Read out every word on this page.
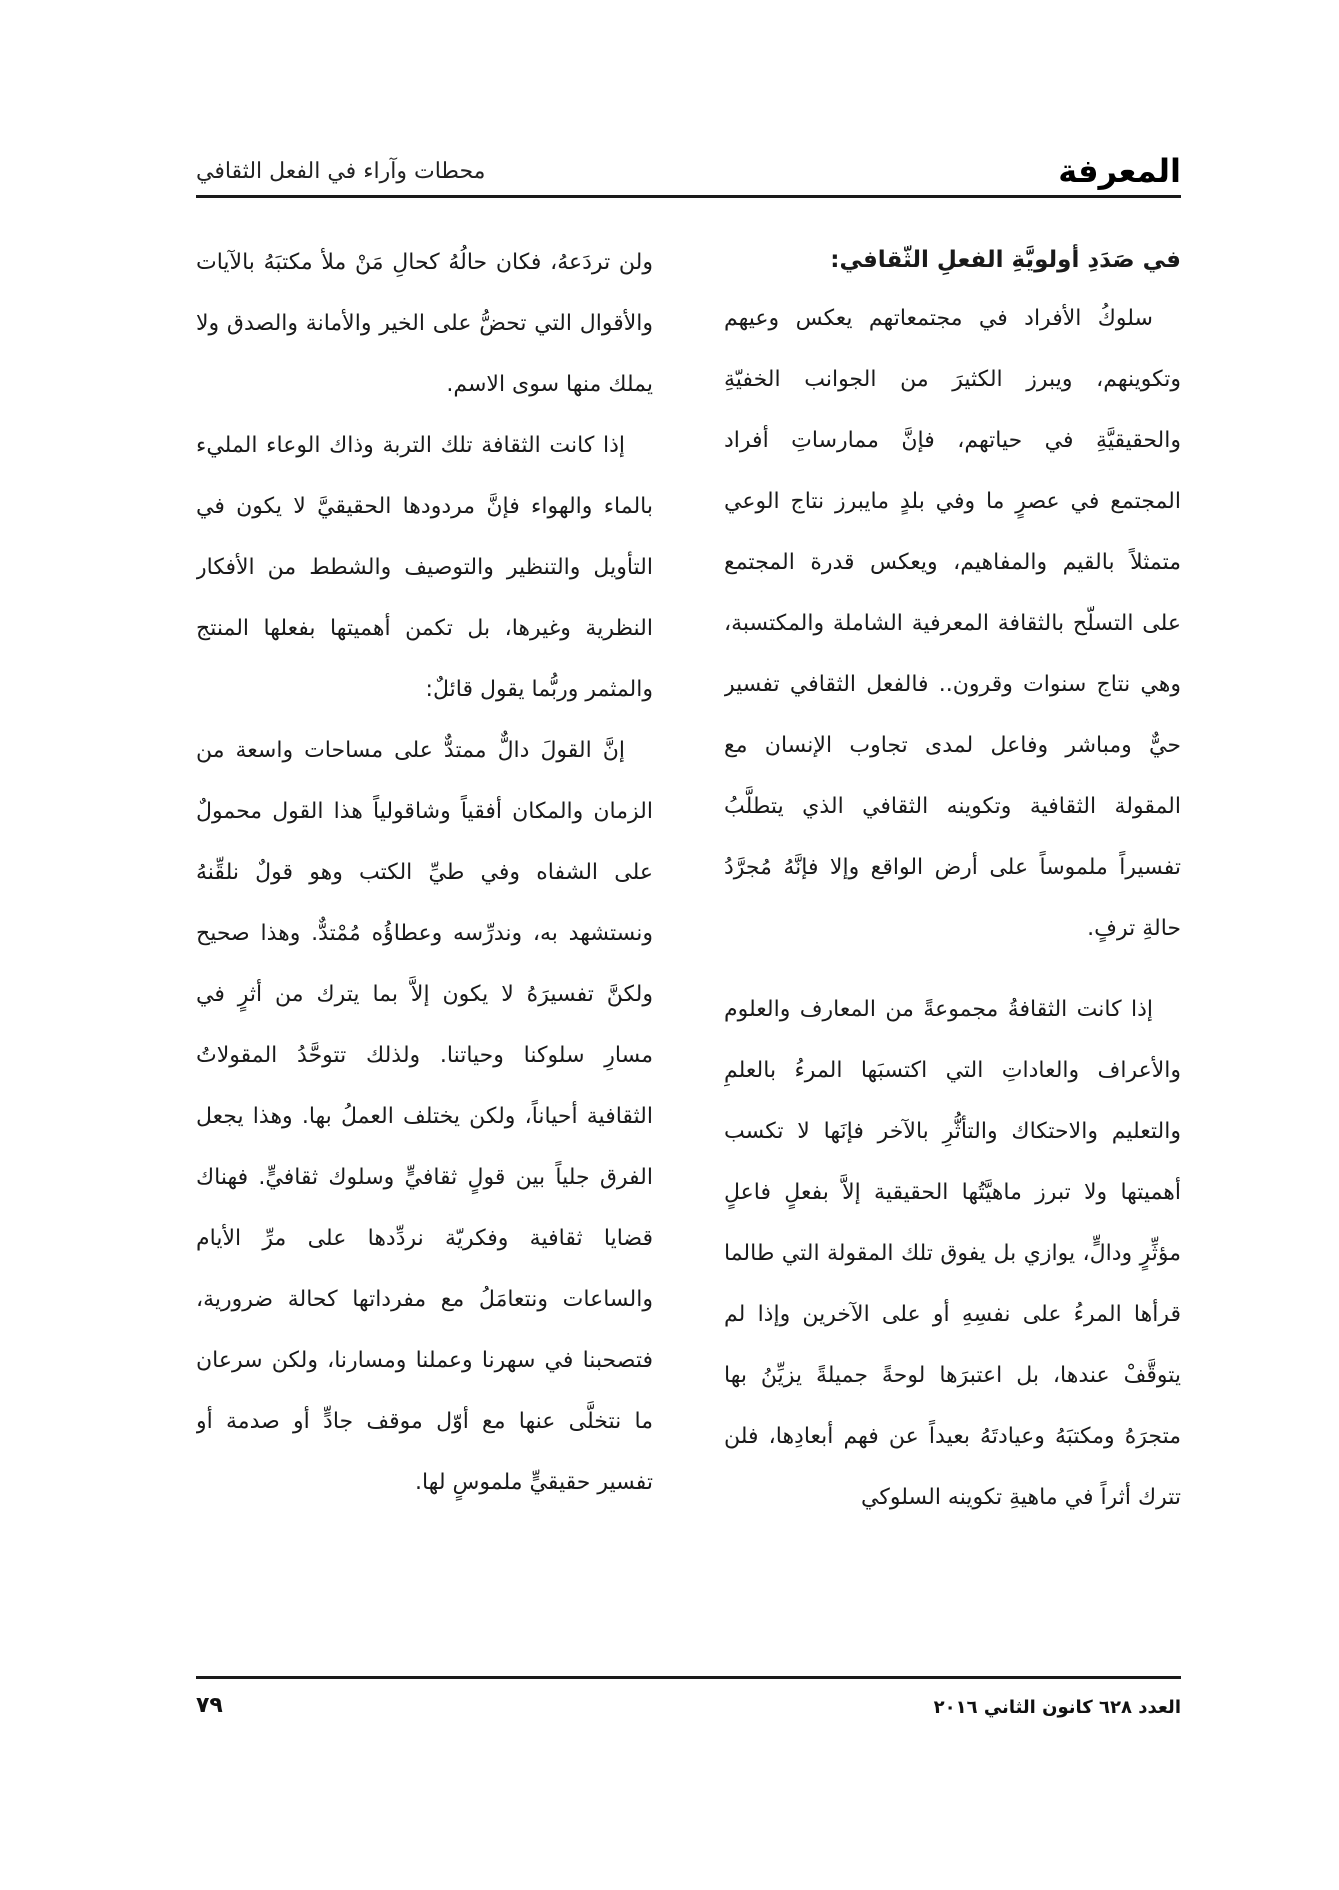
المعرفة
محطات وآراء في الفعل الثقافي

في صَدَدِ أولويَّةِ الفعلِ الثّقافي:

سلوكُ الأفراد في مجتمعاتهم يعكس وعيهم وتكوينهم، ويبرز الكثيرَ من الجوانب الخفيّةِ والحقيقيَّةِ في حياتهم، فإنَّ ممارساتِ أفراد المجتمع في عصرٍ ما وفي بلدٍ مايبرز نتاج الوعي متمثلاً بالقيم والمفاهيم، ويعكس قدرة المجتمع على التسلّح بالثقافة المعرفية الشاملة والمكتسبة، وهي نتاج سنوات وقرون.. فالفعل الثقافي تفسير حيٌّ ومباشر وفاعل لمدى تجاوب الإنسان مع المقولة الثقافية وتكوينه الثقافي الذي يتطلَّبُ تفسيراً ملموساً على أرض الواقع وإلا فإنَّهُ مُجرَّدُ حالةِ ترفٍ.

إذا كانت الثقافةُ مجموعةً من المعارف والعلوم والأعراف والعاداتِ التي اكتسبَها المرءُ بالعلمِ والتعليم والاحتكاك والتأثُّرِ بالآخر فإنَها لا تكسب أهميتها ولا تبرز ماهيَّتُها الحقيقية إلاَّ بفعلٍ فاعلٍ مؤثِّرٍ ودالٍّ، يوازي بل يفوق تلك المقولة التي طالما قرأها المرءُ على نفسِهِ أو على الآخرين وإذا لم يتوقَّفْ عندها، بل اعتبرَها لوحةً جميلةً يزيِّنُ بها متجرَهُ ومكتبَهُ وعيادتَهُ بعيداً عن فهم أبعادِها، فلن تترك أثراً في ماهيةِ تكوينه السلوكي

ولن تردَعهُ، فكان حالُهُ كحالِ مَنْ ملأ مكتبَهُ بالآيات والأقوال التي تحضُّ على الخير والأمانة والصدق ولا يملك منها سوى الاسم.

إذا كانت الثقافة تلك التربة وذاك الوعاء المليء بالماء والهواء فإنَّ مردودها الحقيقيَّ لا يكون في التأويل والتنظير والتوصيف والشطط من الأفكار النظرية وغيرها، بل تكمن أهميتها بفعلها المنتج والمثمر وربُّما يقول قائلٌ:

إنَّ القولَ دالٌّ ممتدٌّ على مساحات واسعة من الزمان والمكان أفقياً وشاقولياً هذا القول محمولٌ على الشفاه وفي طيِّ الكتب وهو قولٌ نلقِّنهُ ونستشهد به، وندرِّسه وعطاؤُه مُمْتدٌّ. وهذا صحيح ولكنَّ تفسيرَهُ لا يكون إلاَّ بما يترك من أثرٍ في مسارِ سلوكنا وحياتنا. ولذلك تتوحَّدُ المقولاتُ الثقافية أحياناً، ولكن يختلف العملُ بها. وهذا يجعل الفرق جلياً بين قولٍ ثقافيٍّ وسلوك ثقافيٍّ. فهناك قضايا ثقافية وفكريّة نردِّدها على مرِّ الأيام والساعات ونتعامَلُ مع مفرداتها كحالة ضرورية، فتصحبنا في سهرنا وعملنا ومسارنا، ولكن سرعان ما نتخلَّى عنها مع أوّل موقف جادٍّ أو صدمة أو تفسير حقيقيٍّ ملموسٍ لها.

العدد ٦٢٨ كانون الثاني ٢٠١٦
٧٩
